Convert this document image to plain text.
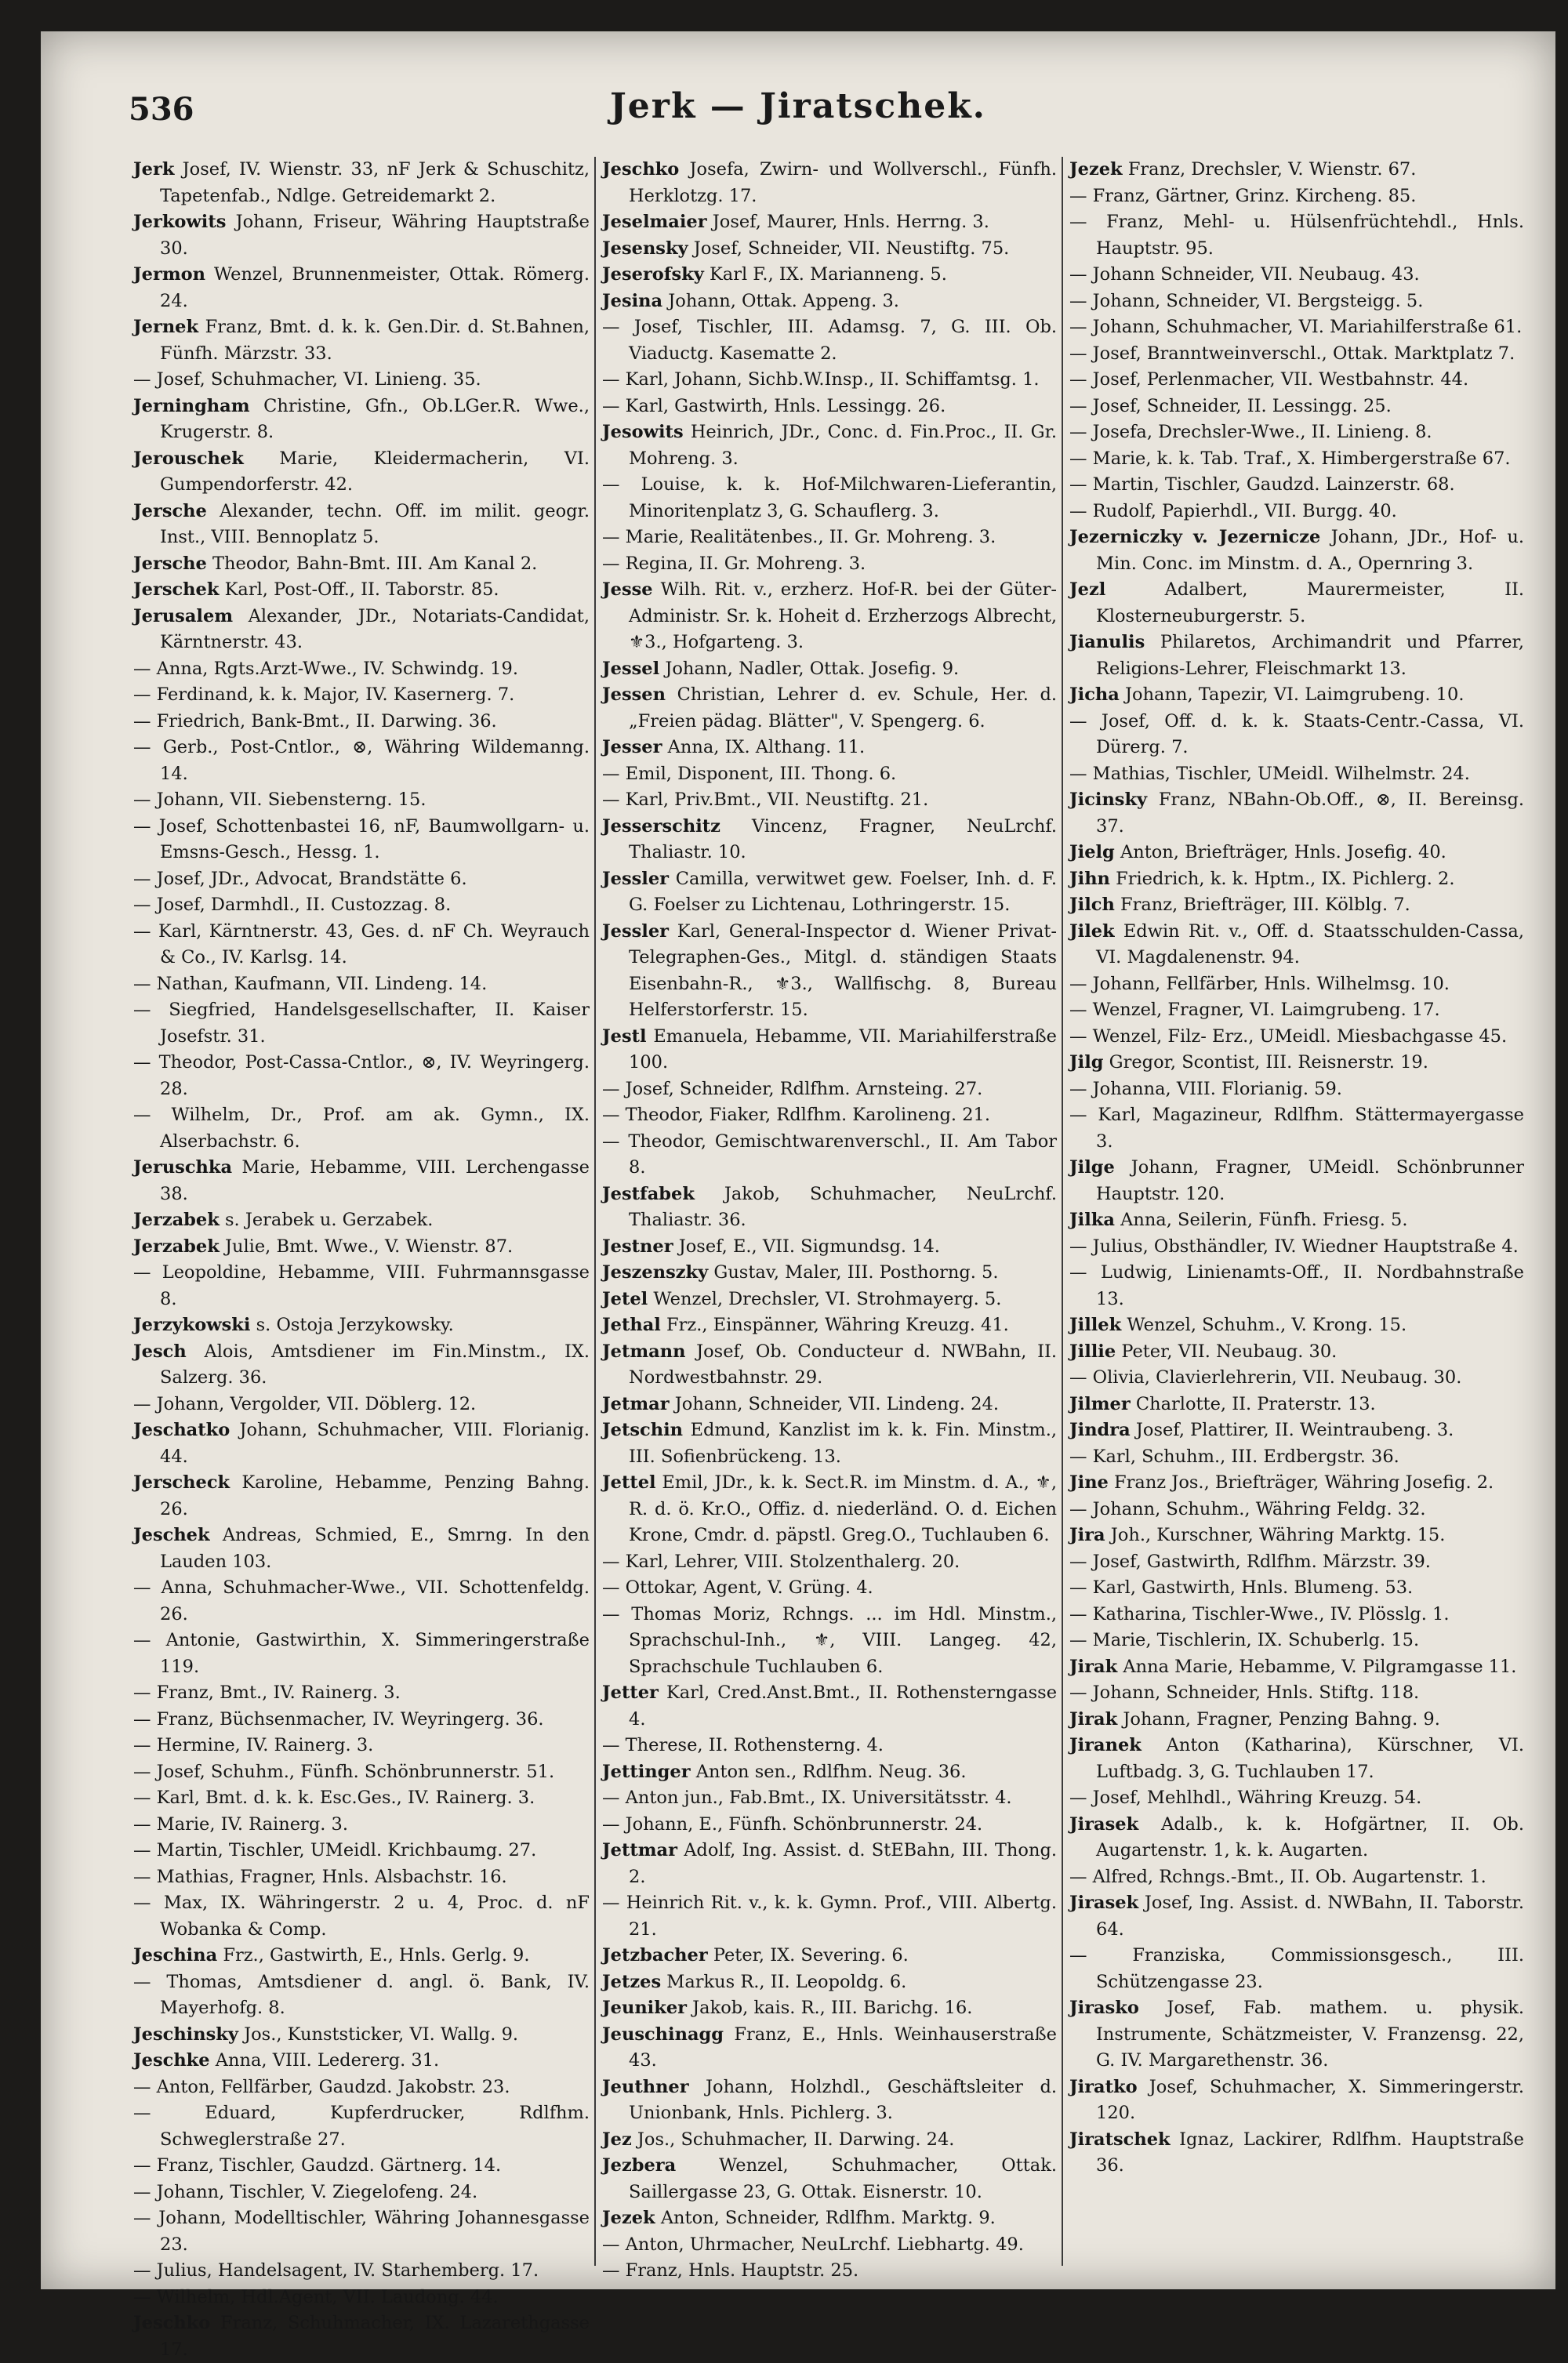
536	Jerk — Jiratschek.
Jerk Josef, IV. Wienstr. 33, nF Jerk & Schuschitz, Tapetenfab., Ndlge. Getreidemarkt 2.
Jerkowits Johann, Friseur, Währing Hauptstraße 30.
Jermon Wenzel, Brunnenmeister, Ottak. Römerg. 24.
Jernek Franz, Bmt. d. k. k. Gen.Dir. d. St.Bahnen, Fünfh. Märzstr. 33.
— Josef, Schuhmacher, VI. Linieng. 35.
Jerningham Christine, Gfn., Ob.LGer.R. Wwe., Krugerstr. 8.
Jerouschek Marie, Kleidermacherin, VI. Gumpendorferstr. 42.
Jersche Alexander, techn. Off. im milit. geogr. Inst., VIII. Bennoplatz 5.
Jersche Theodor, Bahn-Bmt. III. Am Kanal 2.
Jerschek Karl, Post-Off., II. Taborstr. 85.
Jerusalem Alexander, JDr., Notariats-Candidat, Kärntnerstr. 43.
— Anna, Rgts.Arzt-Wwe., IV. Schwindg. 19.
— Ferdinand, k. k. Major, IV. Kasernerg. 7.
— Friedrich, Bank-Bmt., II. Darwing. 36.
— Gerb., Post-Cntlor., ⊗, Währing Wildemanng. 14.
— Johann, VII. Siebensterng. 15.
— Josef, Schottenbastei 16, nF, Baumwollgarn- u. Emsns-Gesch., Hessg. 1.
— Josef, JDr., Advocat, Brandstätte 6.
— Josef, Darmhdl., II. Custozzag. 8.
— Karl, Kärntnerstr. 43, Ges. d. nF Ch. Weyrauch & Co., IV. Karlsg. 14.
— Nathan, Kaufmann, VII. Lindeng. 14.
— Siegfried, Handelsgesellschafter, II. Kaiser Josefstr. 31.
— Theodor, Post-Cassa-Cntlor., ⊗, IV. Weyringerg. 28.
— Wilhelm, Dr., Prof. am ak. Gymn., IX. Alserbachstr. 6.
Jeruschka Marie, Hebamme, VIII. Lerchengasse 38.
Jerzabek s. Jerabek u. Gerzabek.
Jerzabek Julie, Bmt. Wwe., V. Wienstr. 87.
— Leopoldine, Hebamme, VIII. Fuhrmannsgasse 8.
Jerzykowski s. Ostoja Jerzykowsky.
Jesch Alois, Amtsdiener im Fin.Minstm., IX. Salzerg. 36.
— Johann, Vergolder, VII. Döblerg. 12.
Jeschatko Johann, Schuhmacher, VIII. Florianig. 44.
Jerscheck Karoline, Hebamme, Penzing Bahng. 26.
Jeschek Andreas, Schmied, E., Smrng. In den Lauden 103.
— Anna, Schuhmacher-Wwe., VII. Schottenfeldg. 26.
— Antonie, Gastwirthin, X. Simmeringerstraße 119.
— Franz, Bmt., IV. Rainerg. 3.
— Franz, Büchsenmacher, IV. Weyringerg. 36.
— Hermine, IV. Rainerg. 3.
— Josef, Schuhm., Fünfh. Schönbrunnerstr. 51.
— Karl, Bmt. d. k. k. Esc.Ges., IV. Rainerg. 3.
— Marie, IV. Rainerg. 3.
— Martin, Tischler, UMeidl. Krichbaumg. 27.
— Mathias, Fragner, Hnls. Alsbachstr. 16.
— Max, IX. Währingerstr. 2 u. 4, Proc. d. nF Wobanka & Comp.
Jeschina Frz., Gastwirth, E., Hnls. Gerlg. 9.
— Thomas, Amtsdiener d. angl. ö. Bank, IV. Mayerhofg. 8.
Jeschinsky Jos., Kunststicker, VI. Wallg. 9.
Jeschke Anna, VIII. Ledererg. 31.
— Anton, Fellfärber, Gaudzd. Jakobstr. 23.
— Eduard, Kupferdrucker, Rdlfhm. Schweglerstraße 27.
— Franz, Tischler, Gaudzd. Gärtnerg. 14.
— Johann, Tischler, V. Ziegelofeng. 24.
— Johann, Modelltischler, Währing Johannesgasse 23.
— Julius, Handelsagent, IV. Starhemberg. 17.
— Wilhelm, Hdl.Agent, VII. Laudong. 44.
Jeschko Franz, Schuhmacher, IX. Lazarethgasse 17.
Jeschko Josefa, Zwirn- und Wollverschl., Fünfh. Herklotzg. 17.
Jeselmaier Josef, Maurer, Hnls. Herrng. 3.
Jesensky Josef, Schneider, VII. Neustiftg. 75.
Jeserofsky Karl F., IX. Marianneng. 5.
Jesina Johann, Ottak. Appeng. 3.
— Josef, Tischler, III. Adamsg. 7, G. III. Ob. Viaductg. Kasematte 2.
— Karl, Johann, Sichb.W.Insp., II. Schiffamtsg. 1.
— Karl, Gastwirth, Hnls. Lessingg. 26.
Jesowits Heinrich, JDr., Conc. d. Fin.Proc., II. Gr. Mohreng. 3.
— Louise, k. k. Hof-Milchwaren-Lieferantin, Minoritenplatz 3, G. Schauflerg. 3.
— Marie, Realitätenbes., II. Gr. Mohreng. 3.
— Regina, II. Gr. Mohreng. 3.
Jesse Wilh. Rit. v., erzherz. Hof-R. bei der Güter-Administr. Sr. k. Hoheit d. Erzherzogs Albrecht, ⚜3., Hofgarteng. 3.
Jessel Johann, Nadler, Ottak. Josefig. 9.
Jessen Christian, Lehrer d. ev. Schule, Her. d. „Freien pädag. Blätter", V. Spengerg. 6.
Jesser Anna, IX. Althang. 11.
— Emil, Disponent, III. Thong. 6.
— Karl, Priv.Bmt., VII. Neustiftg. 21.
Jesserschitz Vincenz, Fragner, NeuLrchf. Thaliastr. 10.
Jessler Camilla, verwitwet gew. Foelser, Inh. d. F. G. Foelser zu Lichtenau, Lothringerstr. 15.
Jessler Karl, General-Inspector d. Wiener Privat-Telegraphen-Ges., Mitgl. d. ständigen Staats Eisenbahn-R., ⚜3., Wallfischg. 8, Bureau Helferstorferstr. 15.
Jestl Emanuela, Hebamme, VII. Mariahilferstraße 100.
— Josef, Schneider, Rdlfhm. Arnsteing. 27.
— Theodor, Fiaker, Rdlfhm. Karolineng. 21.
— Theodor, Gemischtwarenverschl., II. Am Tabor 8.
Jestfabek Jakob, Schuhmacher, NeuLrchf. Thaliastr. 36.
Jestner Josef, E., VII. Sigmundsg. 14.
Jeszenszky Gustav, Maler, III. Posthorng. 5.
Jetel Wenzel, Drechsler, VI. Strohmayerg. 5.
Jethal Frz., Einspänner, Währing Kreuzg. 41.
Jetmann Josef, Ob. Conducteur d. NWBahn, II. Nordwestbahnstr. 29.
Jetmar Johann, Schneider, VII. Lindeng. 24.
Jetschin Edmund, Kanzlist im k. k. Fin. Minstm., III. Sofienbrückeng. 13.
Jettel Emil, JDr., k. k. Sect.R. im Minstm. d. A., ⚜, R. d. ö. Kr.O., Offiz. d. niederländ. O. d. Eichen Krone, Cmdr. d. päpstl. Greg.O., Tuchlauben 6.
— Karl, Lehrer, VIII. Stolzenthalerg. 20.
— Ottokar, Agent, V. Grüng. 4.
— Thomas Moriz, Rchngs. ... im Hdl. Minstm., Sprachschul-Inh., ⚜, VIII. Langeg. 42, Sprachschule Tuchlauben 6.
Jetter Karl, Cred.Anst.Bmt., II. Rothensterngasse 4.
— Therese, II. Rothensterng. 4.
Jettinger Anton sen., Rdlfhm. Neug. 36.
— Anton jun., Fab.Bmt., IX. Universitätsstr. 4.
— Johann, E., Fünfh. Schönbrunnerstr. 24.
Jettmar Adolf, Ing. Assist. d. StEBahn, III. Thong. 2.
— Heinrich Rit. v., k. k. Gymn. Prof., VIII. Albertg. 21.
Jetzbacher Peter, IX. Severing. 6.
Jetzes Markus R., II. Leopoldg. 6.
Jeuniker Jakob, kais. R., III. Barichg. 16.
Jeuschinagg Franz, E., Hnls. Weinhauserstraße 43.
Jeuthner Johann, Holzhdl., Geschäftsleiter d. Unionbank, Hnls. Pichlerg. 3.
Jez Jos., Schuhmacher, II. Darwing. 24.
Jezbera Wenzel, Schuhmacher, Ottak. Saillergasse 23, G. Ottak. Eisnerstr. 10.
Jezek Anton, Schneider, Rdlfhm. Marktg. 9.
— Anton, Uhrmacher, NeuLrchf. Liebhartg. 49.
— Franz, Hnls. Hauptstr. 25.
Jezek Franz, Drechsler, V. Wienstr. 67.
— Franz, Gärtner, Grinz. Kircheng. 85.
— Franz, Mehl- u. Hülsenfrüchtehdl., Hnls. Hauptstr. 95.
— Johann Schneider, VII. Neubaug. 43.
— Johann, Schneider, VI. Bergsteigg. 5.
— Johann, Schuhmacher, VI. Mariahilferstraße 61.
— Josef, Branntweinverschl., Ottak. Marktplatz 7.
— Josef, Perlenmacher, VII. Westbahnstr. 44.
— Josef, Schneider, II. Lessingg. 25.
— Josefa, Drechsler-Wwe., II. Linieng. 8.
— Marie, k. k. Tab. Traf., X. Himbergerstraße 67.
— Martin, Tischler, Gaudzd. Lainzerstr. 68.
— Rudolf, Papierhdl., VII. Burgg. 40.
Jezerniczky v. Jezernicze Johann, JDr., Hof- u. Min. Conc. im Minstm. d. A., Opernring 3.
Jezl	Adalbert, Maurermeister, II. Klosterneuburgerstr. 5.
Jianulis Philaretos, Archimandrit und Pfarrer, Religions-Lehrer, Fleischmarkt 13.
Jicha Johann, Tapezir, VI. Laimgrubeng. 10.
— Josef, Off. d. k. k. Staats-Centr.-Cassa, VI. Dürerg. 7.
— Mathias, Tischler, UMeidl. Wilhelmstr. 24.
Jicinsky Franz, NBahn-Ob.Off., ⊗, II. Bereinsg. 37.
Jielg Anton, Briefträger, Hnls. Josefig. 40.
Jihn Friedrich, k. k. Hptm., IX. Pichlerg. 2.
Jilch Franz, Briefträger, III. Kölblg. 7.
Jilek Edwin Rit. v., Off. d. Staatsschulden-Cassa, VI. Magdalenenstr. 94.
— Johann, Fellfärber, Hnls. Wilhelmsg. 10.
— Wenzel, Fragner, VI. Laimgrubeng. 17.
— Wenzel, Filz- Erz., UMeidl. Miesbachgasse 45.
Jilg Gregor, Scontist, III. Reisnerstr. 19.
— Johanna, VIII. Florianig. 59.
— Karl, Magazineur, Rdlfhm. Stättermayergasse 3.
Jilge Johann, Fragner, UMeidl. Schönbrunner Hauptstr. 120.
Jilka Anna, Seilerin, Fünfh. Friesg. 5.
— Julius, Obsthändler, IV. Wiedner Hauptstraße 4.
— Ludwig, Linienamts-Off., II. Nordbahnstraße 13.
Jillek Wenzel, Schuhm., V. Krong. 15.
Jillie Peter, VII. Neubaug. 30.
— Olivia, Clavierlehrerin, VII. Neubaug. 30.
Jilmer Charlotte, II. Praterstr. 13.
Jindra Josef, Plattirer, II. Weintraubeng. 3.
— Karl, Schuhm., III. Erdbergstr. 36.
Jine Franz Jos., Briefträger, Währing Josefig. 2.
— Johann, Schuhm., Währing Feldg. 32.
Jira Joh., Kurschner, Währing Marktg. 15.
— Josef, Gastwirth, Rdlfhm. Märzstr. 39.
— Karl, Gastwirth, Hnls. Blumeng. 53.
— Katharina, Tischler-Wwe., IV. Plösslg. 1.
— Marie, Tischlerin, IX. Schuberlg. 15.
Jirak Anna Marie, Hebamme, V. Pilgramgasse 11.
— Johann, Schneider, Hnls. Stiftg. 118.
Jirak Johann, Fragner, Penzing Bahng. 9.
Jiranek Anton (Katharina), Kürschner, VI. Luftbadg. 3, G. Tuchlauben 17.
— Josef, Mehlhdl., Währing Kreuzg. 54.
Jirasek Adalb., k. k. Hofgärtner, II. Ob. Augartenstr. 1, k. k. Augarten.
— Alfred, Rchngs.-Bmt., II. Ob. Augartenstr. 1.
Jirasek Josef, Ing. Assist. d. NWBahn, II. Taborstr. 64.
— Franziska, Commissionsgesch., III. Schützengasse 23.
Jirasko Josef, Fab. mathem. u. physik. Instrumente, Schätzmeister, V. Franzensg. 22, G. IV. Margarethenstr. 36.
Jiratko Josef, Schuhmacher, X. Simmeringerstr. 120.
Jiratschek Ignaz, Lackirer, Rdlfhm. Hauptstraße 36.
